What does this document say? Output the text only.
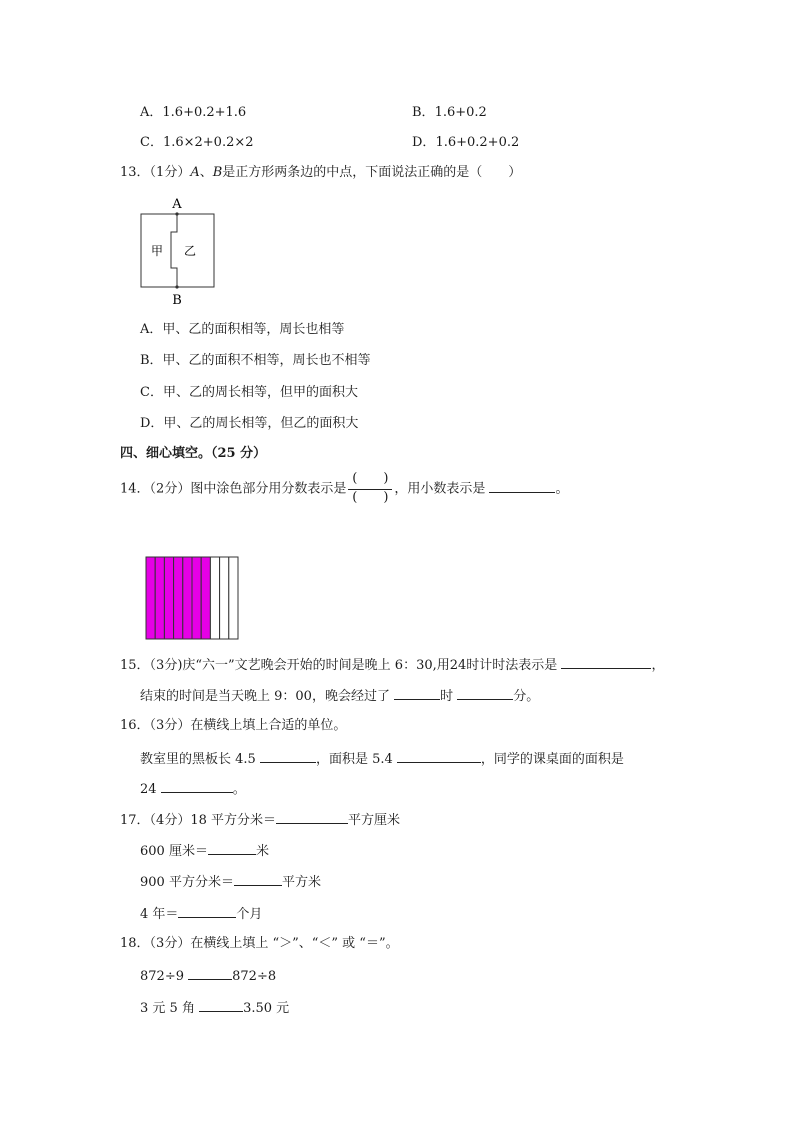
A．1.6+0.2+1.6	B．1.6+0.2
C．1.6×2+0.2×2	D．1.6+0.2+0.2
13．（1分）A、B是正方形两条边的中点，下面说法正确的是（　　）
A
B
甲 乙
A．甲、乙的面积相等，周长也相等
B．甲、乙的面积不相等，周长也不相等
C．甲、乙的周长相等，但甲的面积大
D．甲、乙的周长相等，但乙的面积大
四、细心填空。（25 分）
14．（2分）图中涂色部分用分数表示是 $\frac{( )}{( )}$ ，用小数表示是	。
15．（3分)庆“六一”文艺晚会开始的时间是晚上 6：30,用24时计时法表示是	，
结束的时间是当天晚上 9：00，晚会经过了	时	分。
16．（3分）在横线上填上合适的单位。
教室里的黑板长 4.5	，面积是 5.4	，同学的课桌面的面积是
24	。
17．（4分）18 平方分米＝	平方厘米
600 厘米＝	米
900 平方分米＝	平方米
4 年＝	个月
18．（3分）在横线上填上 “＞”、“＜” 或 “＝”。
872÷9	872÷8
3 元 5 角	3.50 元
